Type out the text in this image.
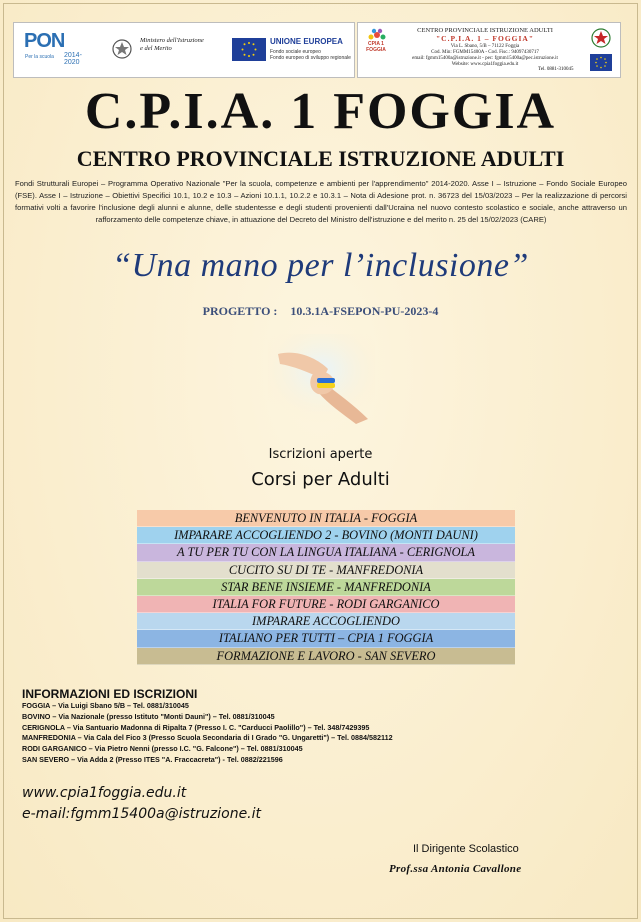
PON
Per la scuola	2014-2020
Ministero dell'Istruzione
e del Merito
UNIONE EUROPEA
Fondo sociale europeo
Fondo europeo di sviluppo regionale
CPIA 1 FOGGIA
CENTRO PROVINCIALE ISTRUZIONE ADULTI
"C.P.I.A. 1 – FOGGIA"
Via L. Sbano, 5/B – 71122 Foggia
Cod. Min: FGMM15400A - Cod. Fisc.: 94097430717
email: fgmm15400a@istruzione.it - pec: fgmm15400a@pec.istruzione.it
Website: www.cpia1foggia.edu.it
Tel. 0881-310045
C.P.I.A. 1 FOGGIA
CENTRO PROVINCIALE ISTRUZIONE ADULTI
Fondi Strutturali Europei – Programma Operativo Nazionale "Per la scuola, competenze e ambienti per l'apprendimento" 2014-2020. Asse I – Istruzione – Fondo Sociale Europeo (FSE). Asse I – Istruzione – Obiettivi Specifici 10.1, 10.2 e 10.3 – Azioni 10.1.1, 10.2.2 e 10.3.1 – Nota di Adesione prot. n. 36723 del 15/03/2023 – Per la realizzazione di percorsi formativi volti a favorire l'inclusione degli alunni e alunne, delle studentesse e degli studenti provenienti dall'Ucraina nel nuovo contesto scolastico e sociale, anche attraverso un rafforzamento delle competenze chiave, in attuazione del Decreto del Ministro dell'istruzione e del merito n. 25 del 15/02/2023 (CARE)
“Una mano per l’inclusione”
PROGETTO : 10.3.1A-FSEPON-PU-2023-4
Iscrizioni aperte
Corsi per Adulti
BENVENUTO IN ITALIA - FOGGIA
IMPARARE ACCOGLIENDO 2 - BOVINO (MONTI DAUNI)
A TU PER TU CON LA LINGUA ITALIANA - CERIGNOLA
CUCITO SU DI TE - MANFREDONIA
STAR BENE INSIEME - MANFREDONIA
ITALIA FOR FUTURE - RODI GARGANICO
IMPARARE ACCOGLIENDO
ITALIANO PER TUTTI – CPIA 1 FOGGIA
FORMAZIONE E LAVORO - SAN SEVERO
INFORMAZIONI ED ISCRIZIONI
FOGGIA – Via Luigi Sbano 5/B – Tel. 0881/310045
BOVINO – Via Nazionale (presso Istituto "Monti Dauni") – Tel. 0881/310045
CERIGNOLA – Via Santuario Madonna di Ripalta 7 (Presso I. C. "Carducci Paolillo") – Tel. 348/7429395
MANFREDONIA – Via Cala del Fico 3 (Presso Scuola Secondaria di I Grado "G. Ungaretti") – Tel. 0884/582112
RODI GARGANICO – Via Pietro Nenni (presso I.C. "G. Falcone") – Tel. 0881/310045
SAN SEVERO – Via Adda 2 (Presso ITES "A. Fraccacreta") - Tel. 0882/221596
www.cpia1foggia.edu.it
e-mail:fgmm15400a@istruzione.it
Il Dirigente Scolastico
Prof.ssa Antonia Cavallone
